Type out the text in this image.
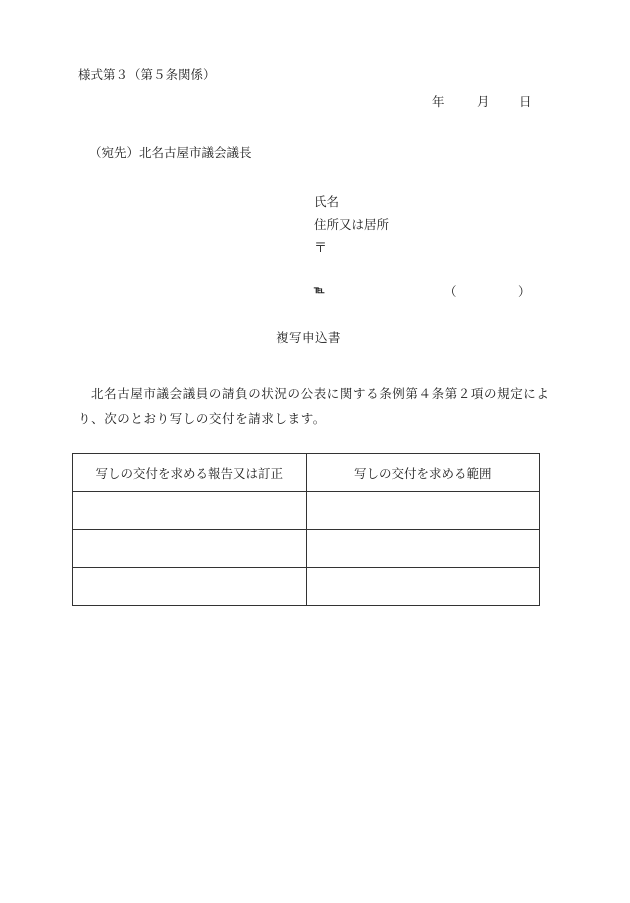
様式第３（第５条関係）
年	月 日
（宛先）北名古屋市議会議長
氏名
住所又は居所
〒
℡	（	）
複写申込書
北名古屋市議会議員の請負の状況の公表に関する条例第４条第２項の規定により、次のとおり写しの交付を請求します。
写しの交付を求める報告又は訂正	写しの交付を求める範囲
